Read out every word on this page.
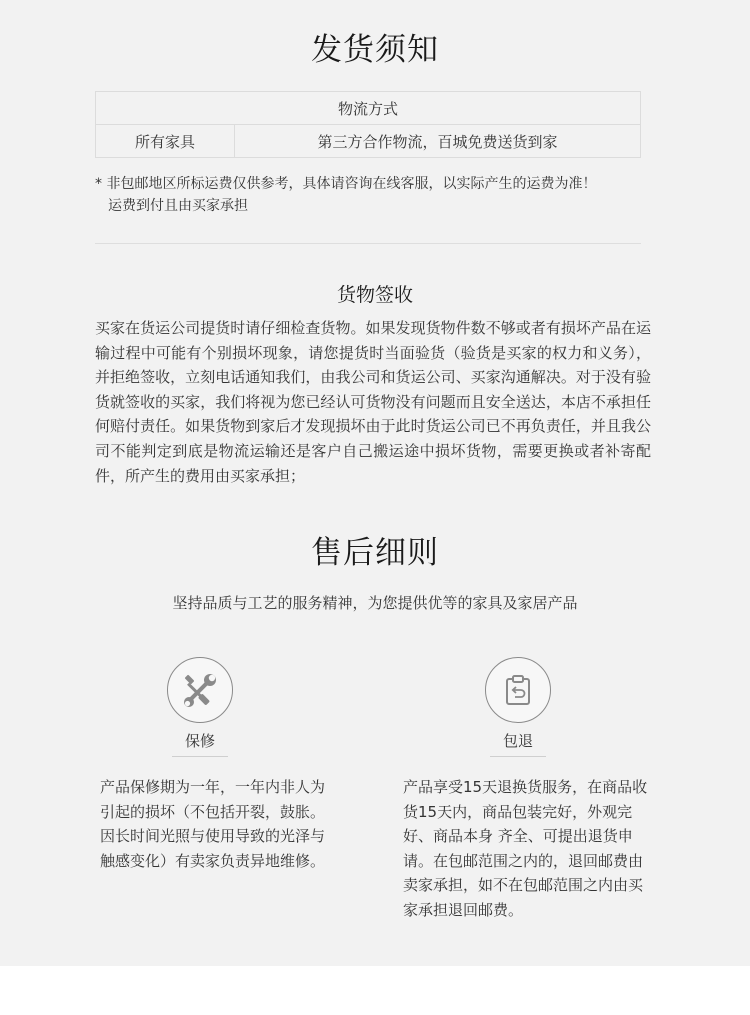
发货须知
物流方式
所有家具	第三方合作物流，百城免费送货到家
* 非包邮地区所标运费仅供参考，具体请咨询在线客服，以实际产生的运费为准！
运费到付且由买家承担
货物签收
买家在货运公司提货时请仔细检查货物。如果发现货物件数不够或者有损坏产品在运输过程中可能有个别损坏现象，请您提货时当面验货（验货是买家的权力和义务），并拒绝签收，立刻电话通知我们，由我公司和货运公司、买家沟通解决。对于没有验货就签收的买家，我们将视为您已经认可货物没有问题而且安全送达，本店不承担任何赔付责任。如果货物到家后才发现损坏由于此时货运公司已不再负责任，并且我公司不能判定到底是物流运输还是客户自己搬运途中损坏货物，需要更换或者补寄配件，所产生的费用由买家承担；
售后细则
坚持品质与工艺的服务精神，为您提供优等的家具及家居产品
保修
产品保修期为一年，一年内非人为引起的损坏（不包括开裂，鼓胀。因长时间光照与使用导致的光泽与触感变化）有卖家负责异地维修。
包退
产品享受15天退换货服务，在商品收货15天内，商品包装完好，外观完好、商品本身 齐全、可提出退货申请。在包邮范围之内的，退回邮费由卖家承担，如不在包邮范围之内由买家承担退回邮费。
